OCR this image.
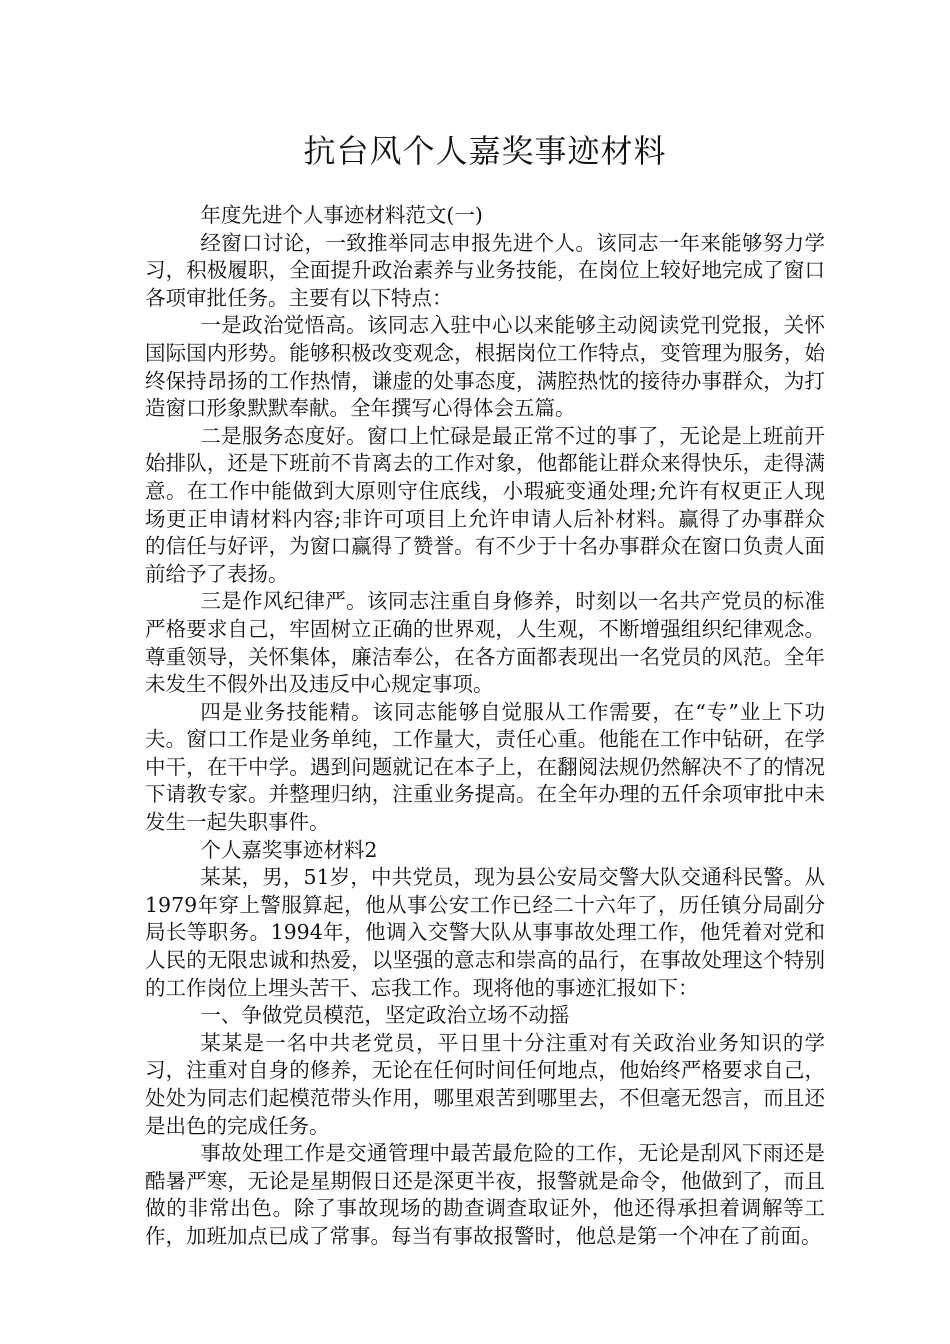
抗台风个人嘉奖事迹材料

年度先进个人事迹材料范文(一)

经窗口讨论，一致推举同志申报先进个人。该同志一年来能够努力学习，积极履职，全面提升政治素养与业务技能，在岗位上较好地完成了窗口各项审批任务。主要有以下特点：

一是政治觉悟高。该同志入驻中心以来能够主动阅读党刊党报，关怀国际国内形势。能够积极改变观念，根据岗位工作特点，变管理为服务，始终保持昂扬的工作热情，谦虚的处事态度，满腔热忱的接待办事群众，为打造窗口形象默默奉献。全年撰写心得体会五篇。

二是服务态度好。窗口上忙碌是最正常不过的事了，无论是上班前开始排队，还是下班前不肯离去的工作对象，他都能让群众来得快乐，走得满意。在工作中能做到大原则守住底线，小瑕疵变通处理;允许有权更正人现场更正申请材料内容;非许可项目上允许申请人后补材料。赢得了办事群众的信任与好评，为窗口赢得了赞誉。有不少于十名办事群众在窗口负责人面前给予了表扬。

三是作风纪律严。该同志注重自身修养，时刻以一名共产党员的标准严格要求自己，牢固树立正确的世界观，人生观，不断增强组织纪律观念。尊重领导，关怀集体，廉洁奉公，在各方面都表现出一名党员的风范。全年未发生不假外出及违反中心规定事项。

四是业务技能精。该同志能够自觉服从工作需要，在“专”业上下功夫。窗口工作是业务单纯，工作量大，责任心重。他能在工作中钻研，在学中干，在干中学。遇到问题就记在本子上，在翻阅法规仍然解决不了的情况下请教专家。并整理归纳，注重业务提高。在全年办理的五仟余项审批中未发生一起失职事件。

个人嘉奖事迹材料2

某某，男，51岁，中共党员，现为县公安局交警大队交通科民警。从1979年穿上警服算起，他从事公安工作已经二十六年了，历任镇分局副分局长等职务。1994年，他调入交警大队从事事故处理工作，他凭着对党和人民的无限忠诚和热爱，以坚强的意志和崇高的品行，在事故处理这个特别的工作岗位上埋头苦干、忘我工作。现将他的事迹汇报如下：

一、争做党员模范，坚定政治立场不动摇

某某是一名中共老党员，平日里十分注重对有关政治业务知识的学习，注重对自身的修养，无论在任何时间任何地点，他始终严格要求自己，处处为同志们起模范带头作用，哪里艰苦到哪里去，不但毫无怨言，而且还是出色的完成任务。

事故处理工作是交通管理中最苦最危险的工作，无论是刮风下雨还是酷暑严寒，无论是星期假日还是深更半夜，报警就是命令，他做到了，而且做的非常出色。除了事故现场的勘查调查取证外，他还得承担着调解等工作，加班加点已成了常事。每当有事故报警时，他总是第一个冲在了前面。
